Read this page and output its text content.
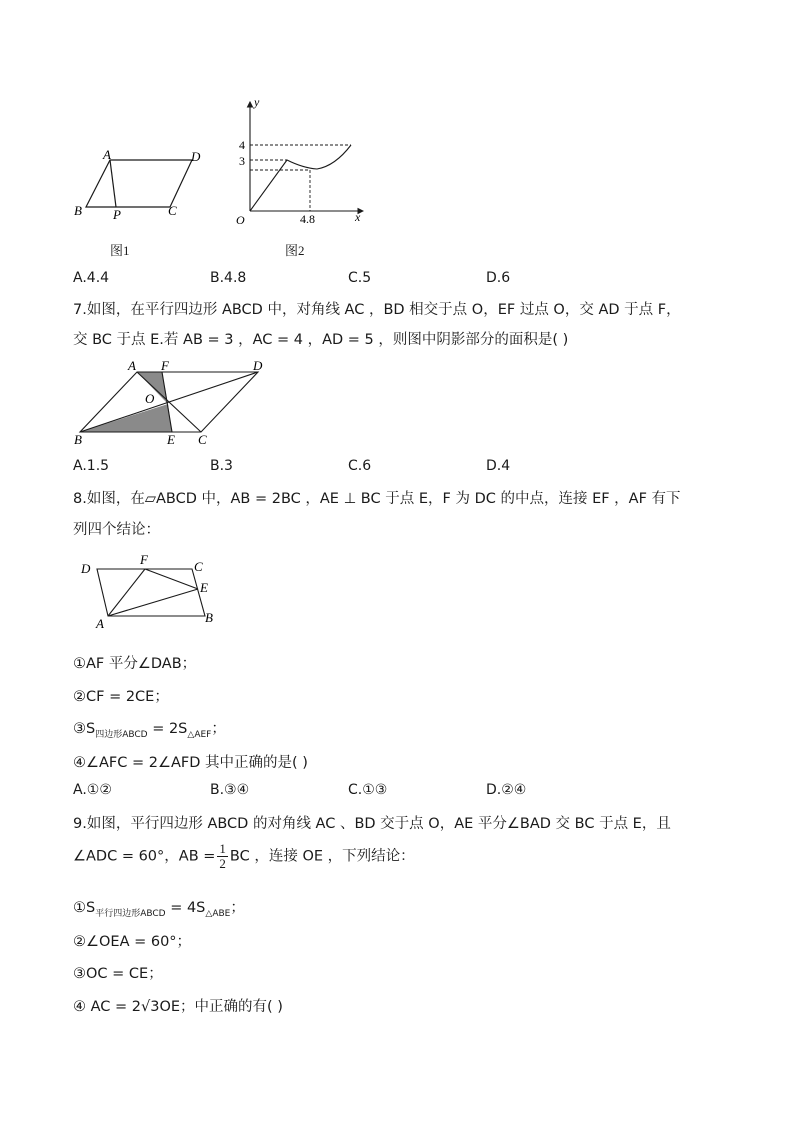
A	D
B P	C
图1
y
x
O
4
3
4.8
图2
A.4.4	B.4.8	C.5	D.6
7.如图，在平行四边形 ABCD 中，对角线 AC ，BD 相交于点 O，EF 过点 O，交 AD 于点 F，
交 BC 于点 E.若 AB = 3 ，AC = 4 ，AD = 5 ，则图中阴影部分的面积是( )
A F	D
O
B	E C
A.1.5	B.3	C.6	D.4
8.如图，在▱ABCD 中，AB = 2BC ，AE ⊥ BC 于点 E，F 为 DC 的中点，连接 EF ，AF 有下
列四个结论：
D
F	C
E
A	B
①AF 平分∠DAB；
②CF = 2CE；
$③S_{四边形ABCD} = 2S_{\triangle AEF}$；
④∠AFC = 2∠AFD 其中正确的是( )
A.①②	B.③④	C.①③	D.②④
9.如图，平行四边形 ABCD 的对角线 AC 、BD 交于点 O，AE 平分∠BAD 交 BC 于点 E，且
∠ADC = 60°，AB = $\frac{1}{2}$ BC ，连接 OE ，下列结论：
$①S_{平行四边形ABCD} = 4S_{\triangle ABE}$；
②∠OEA = 60°；
③OC = CE；
④ AC = 2√3OE；中正确的有( )
